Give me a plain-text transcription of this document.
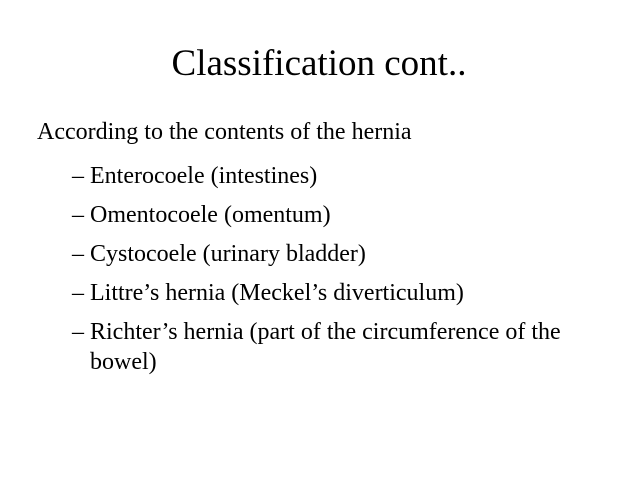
Classification cont..
According to the contents of the hernia
– Enterocoele (intestines)
– Omentocoele (omentum)
– Cystocoele (urinary bladder)
– Littre’s hernia (Meckel’s diverticulum)
– Richter’s hernia (part of the circumference of the bowel)
